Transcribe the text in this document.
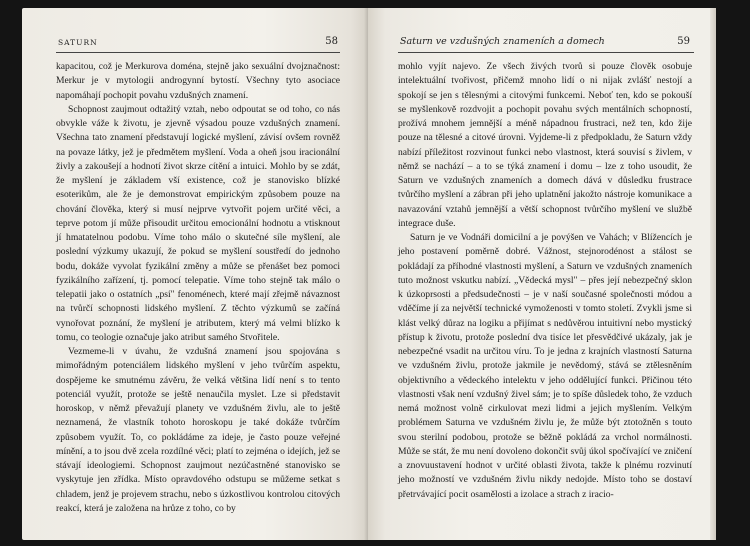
SATURN	58

kapacitou, což je Merkurova doména, stejně jako sexuální dvojznačnost: Merkur je v mytologii androgynní bytostí. Všechny tyto asociace napomáhají pochopit povahu vzdušných znamení.

Schopnost zaujmout odtažitý vztah, nebo odpoutat se od toho, co nás obvykle váže k životu, je zjevně výsadou pouze vzdušných znamení. Všechna tato znamení představují logické myšlení, závisí ovšem rovněž na povaze látky, jež je předmětem myšlení. Voda a oheň jsou iracionální živly a zakoušejí a hodnotí život skrze cítění a intuici. Mohlo by se zdát, že myšlení je základem vší existence, což je stanovisko blízké esoterikům, ale že je demonstrovat empirickým způsobem pouze na chování člověka, který si musí nejprve vytvořit pojem určité věci, a teprve potom jí může přisoudit určitou emocionální hodnotu a vtisknout jí hmatatelnou podobu. Víme toho málo o skutečné síle myšlení, ale poslední výzkumy ukazují, že pokud se myšlení soustředí do jednoho bodu, dokáže vyvolat fyzikální změny a může se přenášet bez pomoci fyzikálního zařízení, tj. pomocí telepatie. Víme toho stejně tak málo o telepatii jako o ostatních „psí" fenoménech, které mají zřejmě návaznost na tvůrčí schopnosti lidského myšlení. Z těchto výzkumů se začíná vynořovat poznání, že myšlení je atributem, který má velmi blízko k tomu, co teologie označuje jako atribut samého Stvořitele.

Vezmeme-li v úvahu, že vzdušná znamení jsou spojována s mimořádným potenciálem lidského myšlení v jeho tvůrčím aspektu, dospějeme ke smutnému závěru, že velká většina lidí není s to tento potenciál využít, protože se ještě nenaučila myslet. Lze si představit horoskop, v němž převažují planety ve vzdušném živlu, ale to ještě neznamená, že vlastník tohoto horoskopu je také dokáže tvůrčím způsobem využít. To, co pokládáme za ideje, je často pouze veřejné mínění, a to jsou dvě zcela rozdílné věci; platí to zejména o idejích, jež se stávají ideologiemi. Schopnost zaujmout nezúčastněné stanovisko se vyskytuje jen zřídka. Místo opravdového odstupu se můžeme setkat s chladem, jenž je projevem strachu, nebo s úzkostlivou kontrolou citových reakcí, která je založena na hrůze z toho, co by

Saturn ve vzdušných znameních a domech	59

mohlo vyjít najevo. Ze všech živých tvorů si pouze člověk osobuje intelektuální tvořivost, přičemž mnoho lidí o ni nijak zvlášť nestojí a spokojí se jen s tělesnými a citovými funkcemi. Neboť ten, kdo se pokouší se myšlenkově rozdvojit a pochopit povahu svých mentálních schopností, prožívá mnohem jemnější a méně nápadnou frustraci, než ten, kdo žije pouze na tělesné a citové úrovni. Vyjdeme-li z předpokladu, že Saturn vždy nabízí příležitost rozvinout funkci nebo vlastnost, která souvisí s živlem, v němž se nachází – a to se týká znamení i domu – lze z toho usoudit, že Saturn ve vzdušných znameních a domech dává v důsledku frustrace tvůrčího myšlení a zábran při jeho uplatnění jakožto nástroje komunikace a navazování vztahů jemnější a větší schopnost tvůrčího myšlení ve službě integrace duše.

Saturn je ve Vodnáři domicilní a je povýšen ve Vahách; v Blížencích je jeho postavení poměrně dobré. Vážnost, stejnorodénost a stálost se pokládají za příhodné vlastnosti myšlení, a Saturn ve vzdušných znameních tuto možnost vskutku nabízí. „Vědecká mysl" – přes její nebezpečný sklon k úzkoprsosti a předsudečnosti – je v naší současné společnosti módou a vděčíme jí za největší technické vymoženosti v tomto století. Zvykli jsme si klást velký důraz na logiku a přijímat s nedůvěrou intuitivní nebo mystický přístup k životu, protože poslední dva tisíce let přesvědčivé ukázaly, jak je nebezpečné vsadit na určitou víru. To je jedna z krajních vlastností Saturna ve vzdušném živlu, protože jakmile je nevědomý, stává se ztělesněním objektivního a vědeckého intelektu v jeho oddělující funkci. Přičinou této vlastnosti však není vzdušný živel sám; je to spíše důsledek toho, že vzduch nemá možnost volně cirkulovat mezi lidmi a jejich myšlením. Velkým problémem Saturna ve vzdušném živlu je, že může být ztotožněn s touto svou sterilní podobou, protože se běžně pokládá za vrchol normálnosti. Může se stát, že mu není dovoleno dokončit svůj úkol spočívající ve zničení a znovuustavení hodnot v určité oblasti života, takže k plnému rozvinutí jeho možností ve vzdušném živlu nikdy nedojde. Místo toho se dostaví přetrvávající pocit osamělosti a izolace a strach z iracio-
